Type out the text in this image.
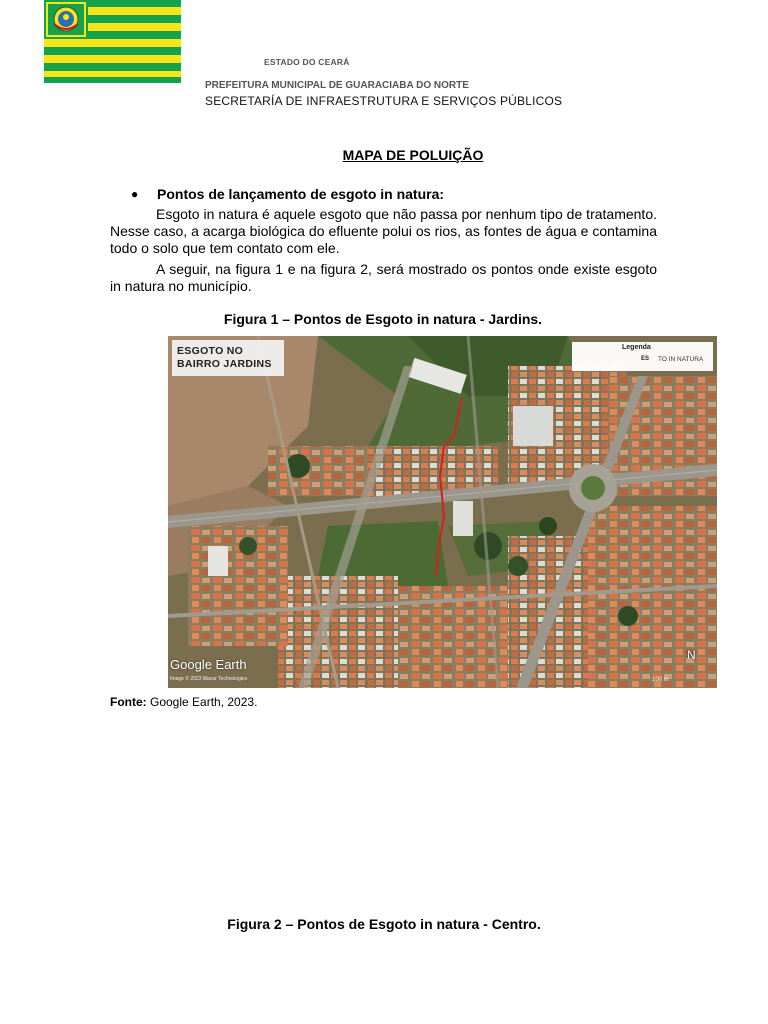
ESTADO DO CEARÁ
PREFEITURA MUNICIPAL DE GUARACIABA DO NORTE
SECRETARÍA DE INFRAESTRUTURA E SERVIÇOS PÚBLICOS
MAPA DE POLUIÇÃO
● Pontos de lançamento de esgoto in natura:

Esgoto in natura é aquele esgoto que não passa por nenhum tipo de tratamento. Nesse caso, a acarga biológica do efluente polui os rios, as fontes de água e contamina todo o solo que tem contato com ele.

A seguir, na figura 1 e na figura 2, será mostrado os pontos onde existe esgoto in natura no município.

Figura 1 – Pontos de Esgoto in natura - Jardins.
ESGOTO NO
BAIRRO JARDINS
Legenda
ES TO IN NATURA
Google Earth
Image © 2023 Maxar Technologies	100 m
N
Fonte: Google Earth, 2023.
Figura 2 – Pontos de Esgoto in natura - Centro.
